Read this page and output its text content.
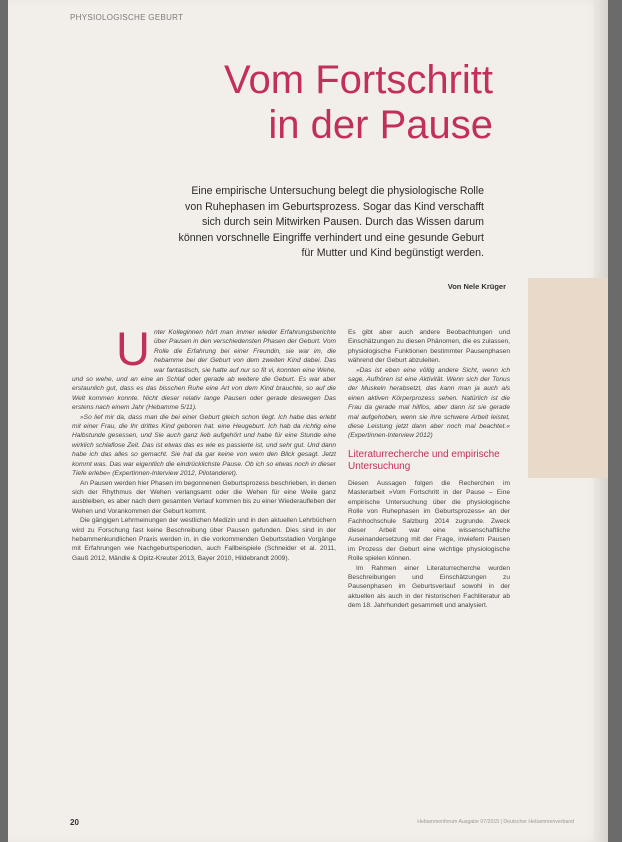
PHYSIOLOGISCHE GEBURT
Vom Fortschritt
in der Pause
Eine empirische Untersuchung belegt die physiologische Rolle von Ruhephasen im Geburtsprozess. Sogar das Kind verschafft sich durch sein Mitwirken Pausen. Durch das Wissen darum können vorschnelle Eingriffe verhindert und eine gesunde Geburt für Mutter und Kind begünstigt werden.
Von Nele Krüger

Unter Kolleginnen hört man immer wieder Erfahrungsberichte über Pausen in den verschiedensten Phasen der Geburt. Vom Rolle die Erfahrung bei einer Freundin, sie war im, die hebamme bei der Geburt von dem zweiten Kind dabei. Das war fantastisch, sie hatte auf nur so fit vi, konnten eine Wehe, und so wehe, und an eine an Schlaf oder gerade ab weitere die Geburt. Es war aber erstaunlich gut, dass es das bisschen Ruhe eine Art von dem Kind brauchte, so auf die Welt kommen konnte. Nicht dieser relativ lange Pausen oder gerade deswegen Das erstens nach einem Jahr (Hebamme 5/11).

»So lief mir da, dass man die bei einer Geburt gleich schon liegt. Ich habe das erlebt mit einer Frau, die Ihr drittes Kind geboren hat. eine Heugeburt. Ich hab da richtig eine Halbstunde gesessen, und Sie auch ganz lieb aufgehört und habe für eine Stunde eine wirklich schlaflose Zeit. Das ist etwas das es wie es passierte ist, und sehr gut. Und dann habe ich das alles so gemacht. Sie hat da gar keine von wem den Blick gesagt. Jetzt kommt was. Das war eigentlich die eindrücklichste Pause. Ob ich so etwas noch in dieser Tiefe erlebe« (Expertinnen-Interview 2012, Pilotanderet).

An Pausen werden hier Phasen im begonnenen Geburtsprozess beschrieben, in denen sich der Rhythmus der Wehen verlangsamt oder die Wehen für eine Weile ganz ausbleiben, es aber nach dem gesamten Verlauf kommen bis zu einer Wiederaufleben der Wehen und Vorankommen der Geburt kommt.

Die gängigen Lehrmeinungen der westlichen Medizin und in den aktuellen Lehrbüchern wird zu Forschung fast keine Beschreibung über Pausen gefunden. Dies sind in der hebammenkundlichen Praxis werden in, in die vorkommenden Geburtsstadien Vorgänge mit Erfahrungen wie Nachgeburtsperioden, auch Fallbeispiele (Schneider et al. 2011, Gauß 2012, Mändle & Opitz-Kreuter 2013, Bayer 2010, Hildebrandt 2009).

Es gibt aber auch andere Beobachtungen und Einschätzungen zu diesen Phänomen, die es zulassen, physiologische Funktionen bestimmter Pausenphasen während der Geburt abzuleiten.

»Das ist eben eine völlig andere Sicht, wenn ich sage, Aufhören ist eine Aktivität. Wenn sich der Tonus der Muskeln herabsetzt, das kann man ja auch als einen aktiven Körperprozess sehen. Natürlich ist die Frau da gerade mal hilflos, aber dann ist sie gerade mal aufgehoben, wenn sie ihre schwere Arbeit leistet, diese Leistung jetzt dann aber noch mal beachtet.« (Expertinnen-Interview 2012)

Literaturrecherche und empirische Untersuchung

Diesen Aussagen folgen die Recherchen im Masterarbeit »Vom Fortschritt in der Pause – Eine empirische Untersuchung über die physiologische Rolle von Ruhephasen im Geburtsprozess« an der Fachhochschule Salzburg 2014 zugrunde. Zweck dieser Arbeit war eine wissenschaftliche Auseinandersetzung mit der Frage, inwiefern Pausen im Prozess der Geburt eine wichtige physiologische Rolle spielen können.

Im Rahmen einer Literaturrecherche wurden Beschreibungen und Einschätzungen zu Pausenphasen im Geburtsverlauf sowohl in der aktuellen als auch in der historischen Fachliteratur ab dem 18. Jahrhundert gesammelt und analysiert.

20	Hebammenforum Ausgabe 07/2015 | Deutscher Hebammenverband
